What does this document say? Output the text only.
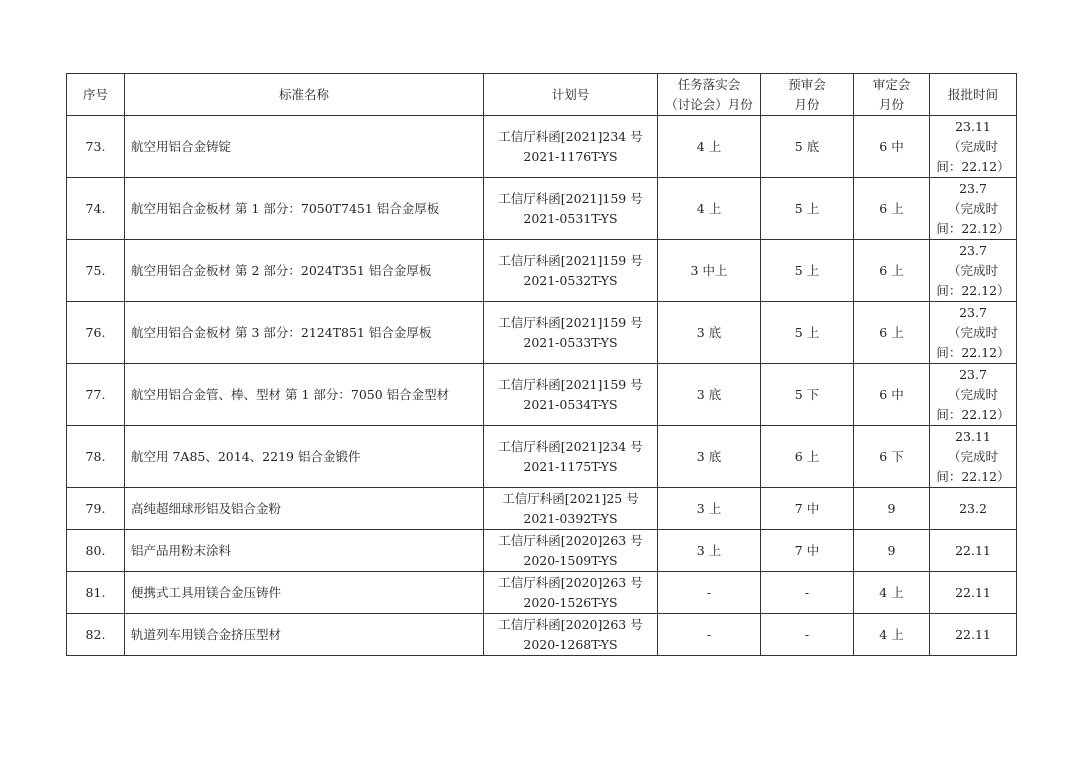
序号	标准名称	计划号	任务落实会
（讨论会）月份	预审会
月份	审定会
月份	报批时间

73.	航空用铝合金铸锭	工信厅科函[2021]234 号
2021-1176T-YS	4 上	5 底	6 中	23.11
（完成时
间：22.12）

74.	航空用铝合金板材 第 1 部分：7050T7451 铝合金厚板	工信厅科函[2021]159 号
2021-0531T-YS	4 上	5 上	6 上	23.7
（完成时
间：22.12）

75.	航空用铝合金板材 第 2 部分：2024T351 铝合金厚板	工信厅科函[2021]159 号
2021-0532T-YS	3 中上	5 上	6 上	23.7
（完成时
间：22.12）

76.	航空用铝合金板材 第 3 部分：2124T851 铝合金厚板	工信厅科函[2021]159 号
2021-0533T-YS	3 底	5 上	6 上	23.7
（完成时
间：22.12）

77.	航空用铝合金管、棒、型材 第 1 部分：7050 铝合金型材	工信厅科函[2021]159 号
2021-0534T-YS	3 底	5 下	6 中	23.7
（完成时
间：22.12）

78.	航空用 7A85、2014、2219 铝合金锻件	工信厅科函[2021]234 号
2021-1175T-YS	3 底	6 上	6 下	23.11
（完成时
间：22.12）

79.	高纯超细球形铝及铝合金粉	工信厅科函[2021]25 号
2021-0392T-YS	3 上	7 中	9	23.2

80.	铝产品用粉末涂料	工信厅科函[2020]263 号
2020-1509T-YS	3 上	7 中	9	22.11

81.	便携式工具用镁合金压铸件	工信厅科函[2020]263 号
2020-1526T-YS	-	-	4 上	22.11

82.	轨道列车用镁合金挤压型材	工信厅科函[2020]263 号
2020-1268T-YS	-	-	4 上	22.11
